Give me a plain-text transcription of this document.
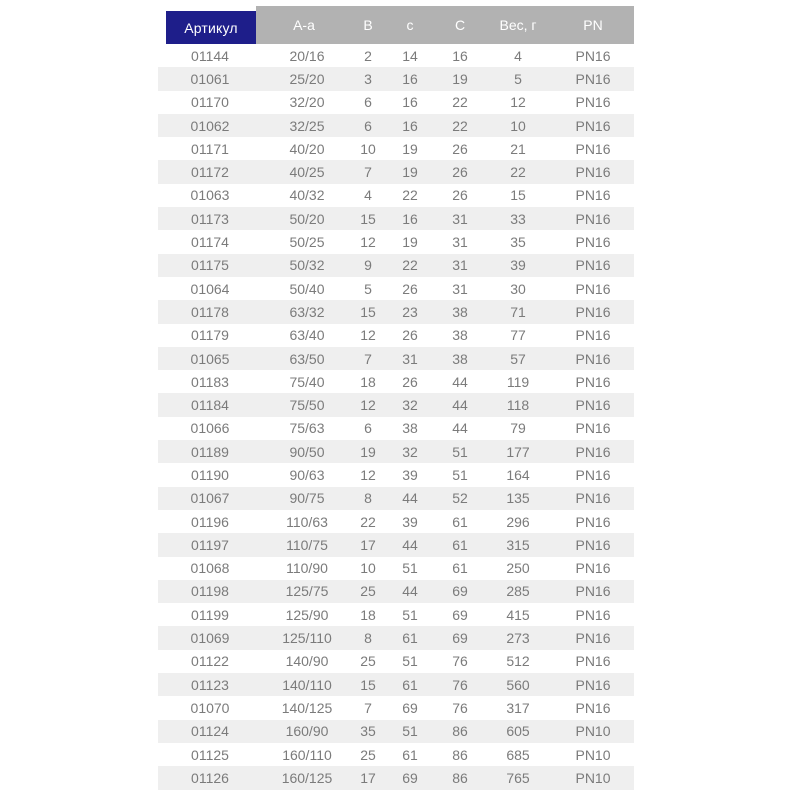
Артикул	A-a	B	c	C	Вес, г	PN
01144	20/16	2	14	16	4	PN16
01061	25/20	3	16	19	5	PN16
01170	32/20	6	16	22	12	PN16
01062	32/25	6	16	22	10	PN16
01171	40/20	10	19	26	21	PN16
01172	40/25	7	19	26	22	PN16
01063	40/32	4	22	26	15	PN16
01173	50/20	15	16	31	33	PN16
01174	50/25	12	19	31	35	PN16
01175	50/32	9	22	31	39	PN16
01064	50/40	5	26	31	30	PN16
01178	63/32	15	23	38	71	PN16
01179	63/40	12	26	38	77	PN16
01065	63/50	7	31	38	57	PN16
01183	75/40	18	26	44	119	PN16
01184	75/50	12	32	44	118	PN16
01066	75/63	6	38	44	79	PN16
01189	90/50	19	32	51	177	PN16
01190	90/63	12	39	51	164	PN16
01067	90/75	8	44	52	135	PN16
01196	110/63	22	39	61	296	PN16
01197	110/75	17	44	61	315	PN16
01068	110/90	10	51	61	250	PN16
01198	125/75	25	44	69	285	PN16
01199	125/90	18	51	69	415	PN16
01069	125/110	8	61	69	273	PN16
01122	140/90	25	51	76	512	PN16
01123	140/110	15	61	76	560	PN16
01070	140/125	7	69	76	317	PN16
01124	160/90	35	51	86	605	PN10
01125	160/110	25	61	86	685	PN10
01126	160/125	17	69	86	765	PN10
